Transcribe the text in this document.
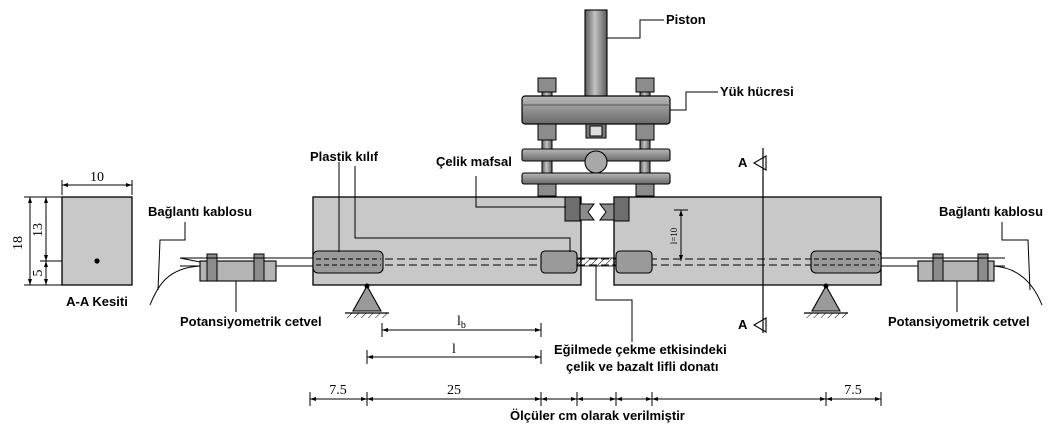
10
18
13
5
A-A Kesiti
A
A
l=10
Piston
Yük hücresi
Plastik kılıf	Çelik mafsal
Bağlantı kablosu	Bağlantı kablosu
Potansiyometrik cetvel	Potansiyometrik cetvel
Eğilmede çekme etkisindeki
çelik ve bazalt lifli donatı
Ölçüler cm olarak verilmiştir
$l_b$
l
7.5	25	7.5
